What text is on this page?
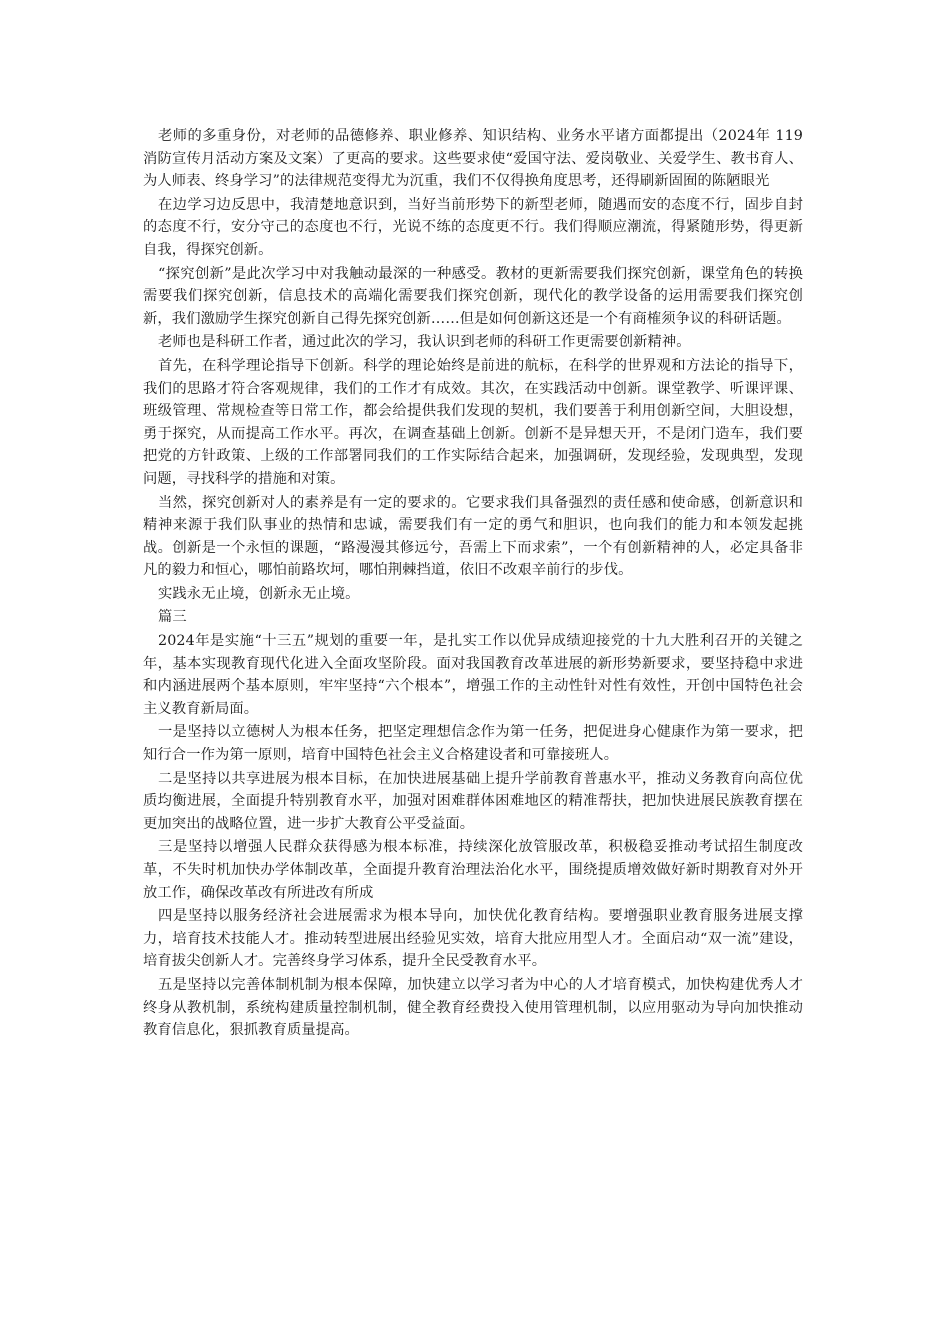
老师的多重身份，对老师的品德修养、职业修养、知识结构、业务水平诸方面都提出（2024年 119 消防宣传月活动方案及文案）了更高的要求。这些要求使“爱国守法、爱岗敬业、关爱学生、教书育人、为人师表、终身学习”的法律规范变得尤为沉重，我们不仅得换角度思考，还得刷新固囿的陈陋眼光

在边学习边反思中，我清楚地意识到，当好当前形势下的新型老师，随遇而安的态度不行，固步自封的态度不行，安分守己的态度也不行，光说不练的态度更不行。我们得顺应潮流，得紧随形势，得更新自我，得探究创新。

“探究创新”是此次学习中对我触动最深的一种感受。教材的更新需要我们探究创新，课堂角色的转换需要我们探究创新，信息技术的高端化需要我们探究创新，现代化的教学设备的运用需要我们探究创新，我们激励学生探究创新自己得先探究创新……但是如何创新这还是一个有商榷须争议的科研话题。

老师也是科研工作者，通过此次的学习，我认识到老师的科研工作更需要创新精神。

首先，在科学理论指导下创新。科学的理论始终是前进的航标，在科学的世界观和方法论的指导下，我们的思路才符合客观规律，我们的工作才有成效。其次，在实践活动中创新。课堂教学、听课评课、班级管理、常规检查等日常工作，都会给提供我们发现的契机，我们要善于利用创新空间，大胆设想，勇于探究，从而提高工作水平。再次，在调查基础上创新。创新不是异想天开，不是闭门造车，我们要把党的方针政策、上级的工作部署同我们的工作实际结合起来，加强调研，发现经验，发现典型，发现问题，寻找科学的措施和对策。

当然，探究创新对人的素养是有一定的要求的。它要求我们具备强烈的责任感和使命感，创新意识和精神来源于我们队事业的热情和忠诚，需要我们有一定的勇气和胆识，也向我们的能力和本领发起挑战。创新是一个永恒的课题，“路漫漫其修远兮，吾需上下而求索”，一个有创新精神的人，必定具备非凡的毅力和恒心，哪怕前路坎坷，哪怕荆棘挡道，依旧不改艰辛前行的步伐。

实践永无止境，创新永无止境。

篇三

2024年是实施“十三五”规划的重要一年，是扎实工作以优异成绩迎接党的十九大胜利召开的关键之年，基本实现教育现代化进入全面攻坚阶段。面对我国教育改革进展的新形势新要求，要坚持稳中求进和内涵进展两个基本原则，牢牢坚持“六个根本”，增强工作的主动性针对性有效性，开创中国特色社会主义教育新局面。

一是坚持以立德树人为根本任务，把坚定理想信念作为第一任务，把促进身心健康作为第一要求，把知行合一作为第一原则，培育中国特色社会主义合格建设者和可靠接班人。

二是坚持以共享进展为根本目标，在加快进展基础上提升学前教育普惠水平，推动义务教育向高位优质均衡进展，全面提升特别教育水平，加强对困难群体困难地区的精准帮扶，把加快进展民族教育摆在更加突出的战略位置，进一步扩大教育公平受益面。

三是坚持以增强人民群众获得感为根本标准，持续深化放管服改革，积极稳妥推动考试招生制度改革，不失时机加快办学体制改革，全面提升教育治理法治化水平，围绕提质增效做好新时期教育对外开放工作，确保改革改有所进改有所成

四是坚持以服务经济社会进展需求为根本导向，加快优化教育结构。要增强职业教育服务进展支撑力，培育技术技能人才。推动转型进展出经验见实效，培育大批应用型人才。全面启动“双一流”建设，培育拔尖创新人才。完善终身学习体系，提升全民受教育水平。

五是坚持以完善体制机制为根本保障，加快建立以学习者为中心的人才培育模式，加快构建优秀人才终身从教机制，系统构建质量控制机制，健全教育经费投入使用管理机制，以应用驱动为导向加快推动教育信息化，狠抓教育质量提高。
